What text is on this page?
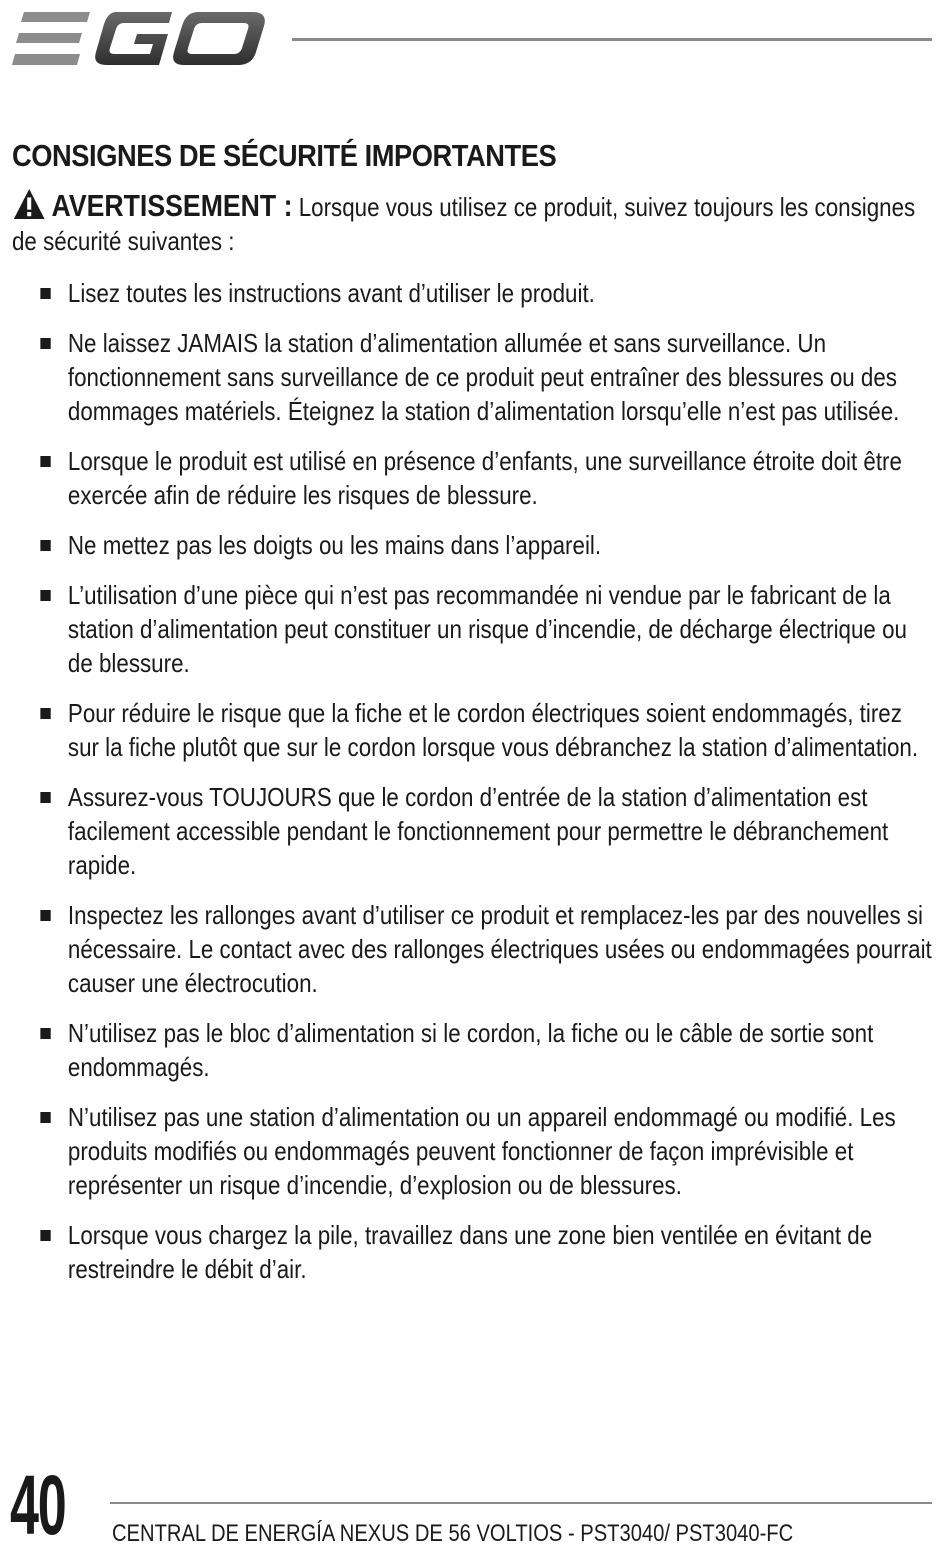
EGO
CONSIGNES DE SÉCURITÉ IMPORTANTES
AVERTISSEMENT : Lorsque vous utilisez ce produit, suivez toujours les consignes de sécurité suivantes :
Lisez toutes les instructions avant d’utiliser le produit.
Ne laissez JAMAIS la station d’alimentation allumée et sans surveillance. Un fonctionnement sans surveillance de ce produit peut entraîner des blessures ou des dommages matériels. Éteignez la station d’alimentation lorsqu’elle n’est pas utilisée.
Lorsque le produit est utilisé en présence d’enfants, une surveillance étroite doit être exercée afin de réduire les risques de blessure.
Ne mettez pas les doigts ou les mains dans l’appareil.
L’utilisation d’une pièce qui n’est pas recommandée ni vendue par le fabricant de la station d’alimentation peut constituer un risque d’incendie, de décharge électrique ou de blessure.
Pour réduire le risque que la fiche et le cordon électriques soient endommagés, tirez sur la fiche plutôt que sur le cordon lorsque vous débranchez la station d’alimentation.
Assurez-vous TOUJOURS que le cordon d’entrée de la station d’alimentation est facilement accessible pendant le fonctionnement pour permettre le débranchement rapide.
Inspectez les rallonges avant d’utiliser ce produit et remplacez-les par des nouvelles si nécessaire. Le contact avec des rallonges électriques usées ou endommagées pourrait causer une électrocution.
N’utilisez pas le bloc d’alimentation si le cordon, la fiche ou le câble de sortie sont endommagés.
N’utilisez pas une station d’alimentation ou un appareil endommagé ou modifié. Les produits modifiés ou endommagés peuvent fonctionner de façon imprévisible et représenter un risque d’incendie, d’explosion ou de blessures.
Lorsque vous chargez la pile, travaillez dans une zone bien ventilée en évitant de restreindre le débit d’air.
40 CENTRAL DE ENERGÍA NEXUS DE 56 VOLTIOS - PST3040/ PST3040-FC
